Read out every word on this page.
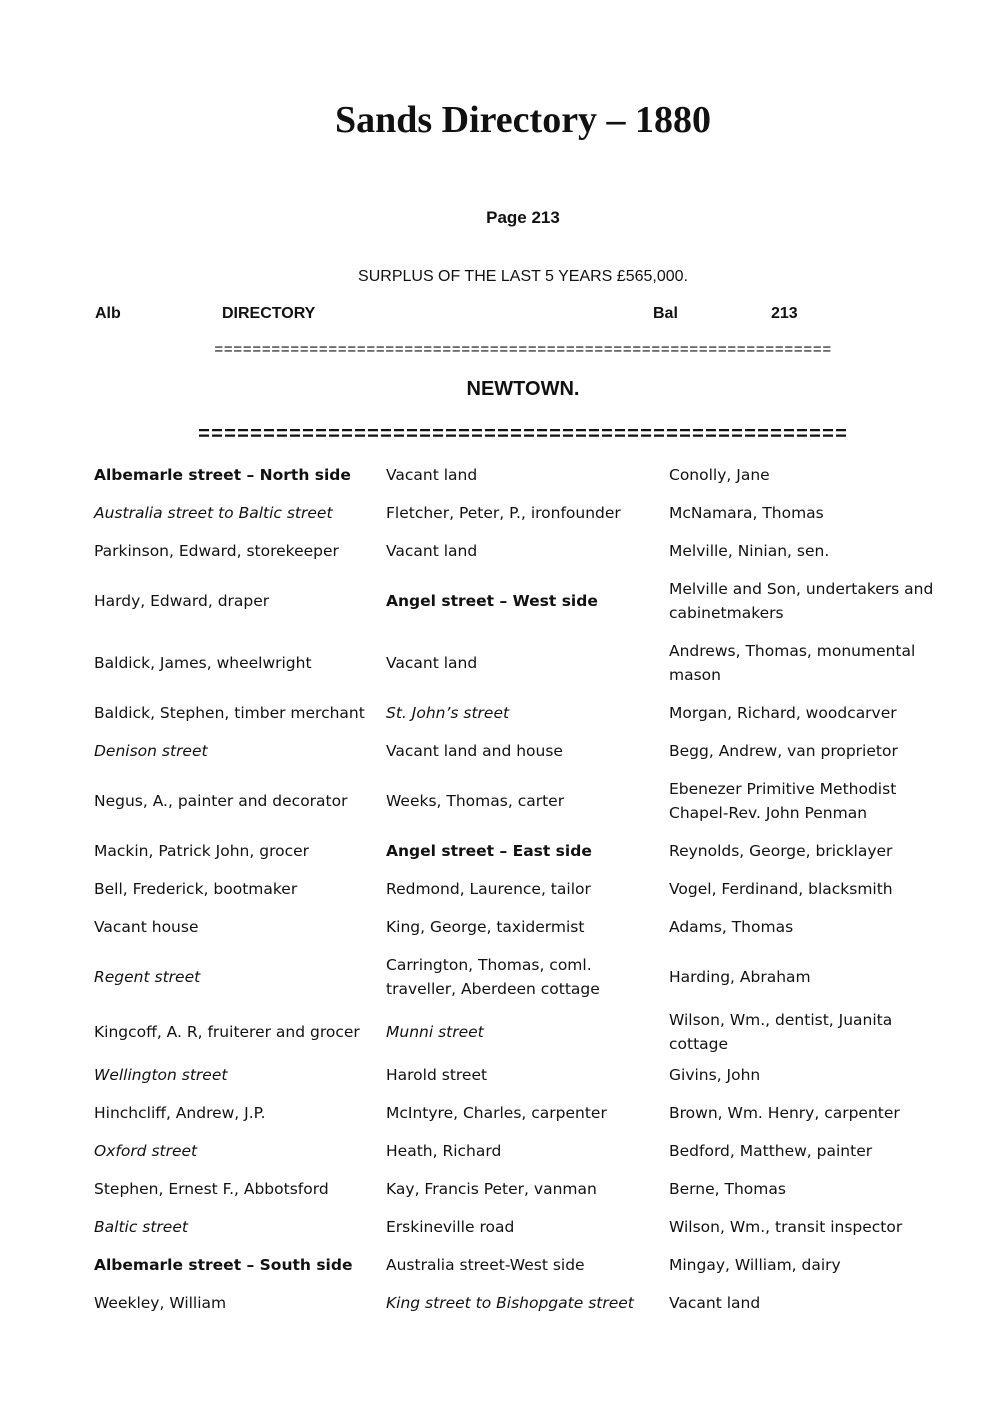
Sands Directory – 1880
Page 213
SURPLUS OF THE LAST 5 YEARS £565,000.
Alb	DIRECTORY	Bal	213
=================================================================
NEWTOWN.
==================================================
Albemarle street – North side	Vacant land	Conolly, Jane
Australia street to Baltic street	Fletcher, Peter, P., ironfounder	McNamara, Thomas
Parkinson, Edward, storekeeper	Vacant land	Melville, Ninian, sen.
Hardy, Edward, draper	Angel street – West side	Melville and Son, undertakers and cabinetmakers
Baldick, James, wheelwright	Vacant land	Andrews, Thomas, monumental mason
Baldick, Stephen, timber merchant	St. John’s street	Morgan, Richard, woodcarver
Denison street	Vacant land and house	Begg, Andrew, van proprietor
Negus, A., painter and decorator	Weeks, Thomas, carter	Ebenezer Primitive Methodist Chapel-Rev. John Penman
Mackin, Patrick John, grocer	Angel street – East side	Reynolds, George, bricklayer
Bell, Frederick, bootmaker	Redmond, Laurence, tailor	Vogel, Ferdinand, blacksmith
Vacant house	King, George, taxidermist	Adams, Thomas
Regent street	Carrington, Thomas, coml. traveller, Aberdeen cottage	Harding, Abraham
Kingcoff, A. R, fruiterer and grocer	Munni street	Wilson, Wm., dentist, Juanita cottage
Wellington street	Harold street	Givins, John
Hinchcliff, Andrew, J.P.	McIntyre, Charles, carpenter	Brown, Wm. Henry, carpenter
Oxford street	Heath, Richard	Bedford, Matthew, painter
Stephen, Ernest F., Abbotsford	Kay, Francis Peter, vanman	Berne, Thomas
Baltic street	Erskineville road	Wilson, Wm., transit inspector
Albemarle street – South side	Australia street-West side	Mingay, William, dairy
Weekley, William	King street to Bishopgate street	Vacant land
